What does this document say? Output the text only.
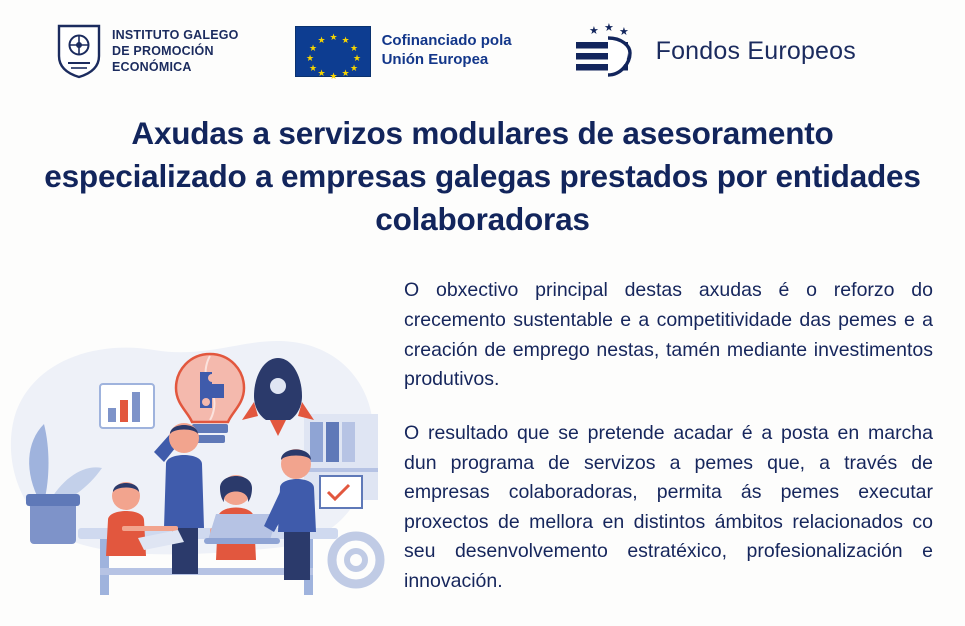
INSTITUTO GALEGO
DE PROMOCIÓN
ECONÓMICA
★ ★
★
★
★
★
★
★
★
★
★
★	Cofinanciado pola
Unión Europea
★ ★ ★
Fondos Europeos
Axudas a servizos modulares de asesoramento especializado a empresas galegas prestados por entidades colaboradoras

O obxectivo principal destas axudas é o reforzo do crecemento sustentable e a competitividade das pemes e a creación de emprego nestas, tamén mediante investimentos produtivos.

O resultado que se pretende acadar é a posta en marcha dun programa de servizos a pemes que, a través de empresas colaboradoras, permita ás pemes executar proxectos de mellora en distintos ámbitos relacionados co seu desenvolvemento estratéxico, profesionalización e innovación.
